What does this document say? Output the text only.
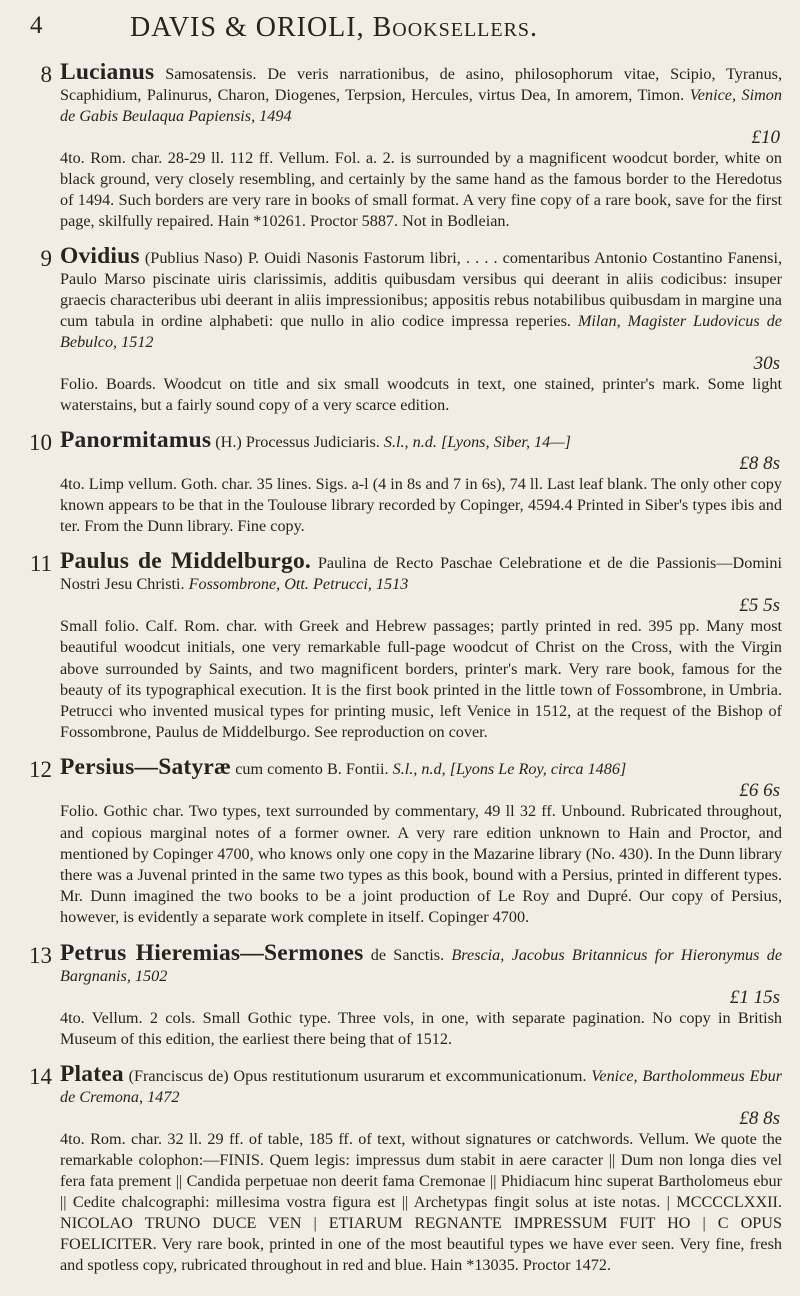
4	DAVIS & ORIOLI, Booksellers.
8 Lucianus Samosatensis. De veris narrationibus, de asino, philosophorum vitae, Scipio, Tyranus, Scaphidium, Palinurus, Charon, Diogenes, Terpsion, Hercules, virtus Dea, In amorem, Timon. Venice, Simon de Gabis Beulaqua Papiensis, 1494
£10
4to. Rom. char. 28-29 ll. 112 ff. Vellum. Fol. a. 2. is surrounded by a magnificent woodcut border, white on black ground, very closely resembling, and certainly by the same hand as the famous border to the Heredotus of 1494. Such borders are very rare in books of small format. A very fine copy of a rare book, save for the first page, skilfully repaired. Hain *10261. Proctor 5887. Not in Bodleian.
9 Ovidius (Publius Naso) P. Ouidi Nasonis Fastorum libri, . . . . comentaribus Antonio Costantino Fanensi, Paulo Marso piscinate uiris clarissimis, additis quibusdam versibus qui deerant in aliis codicibus: insuper graecis characteribus ubi deerant in aliis impressionibus; appositis rebus notabilibus quibusdam in margine una cum tabula in ordine alphabeti: que nullo in alio codice impressa reperies. Milan, Magister Ludovicus de Bebulco, 1512
30s
Folio. Boards. Woodcut on title and six small woodcuts in text, one stained, printer's mark. Some light waterstains, but a fairly sound copy of a very scarce edition.
10 Panormitamus (H.) Processus Judiciaris. S.l., n.d. [Lyons, Siber, 14—]
£8 8s
4to. Limp vellum. Goth. char. 35 lines. Sigs. a-l (4 in 8s and 7 in 6s), 74 ll. Last leaf blank. The only other copy known appears to be that in the Toulouse library recorded by Copinger, 4594.4 Printed in Siber's types ibis and ter. From the Dunn library. Fine copy.
11 Paulus de Middelburgo. Paulina de Recto Paschae Celebratione et de die Passionis—Domini Nostri Jesu Christi. Fossombrone, Ott. Petrucci, 1513
£5 5s
Small folio. Calf. Rom. char. with Greek and Hebrew passages; partly printed in red. 395 pp. Many most beautiful woodcut initials, one very remarkable full-page woodcut of Christ on the Cross, with the Virgin above surrounded by Saints, and two magnificent borders, printer's mark. Very rare book, famous for the beauty of its typographical execution. It is the first book printed in the little town of Fossombrone, in Umbria. Petrucci who invented musical types for printing music, left Venice in 1512, at the request of the Bishop of Fossombrone, Paulus de Middelburgo. See reproduction on cover.
12 Persius—Satyræ cum comento B. Fontii. S.l., n.d, [Lyons Le Roy, circa 1486]
£6 6s
Folio. Gothic char. Two types, text surrounded by commentary, 49 ll 32 ff. Unbound. Rubricated throughout, and copious marginal notes of a former owner. A very rare edition unknown to Hain and Proctor, and mentioned by Copinger 4700, who knows only one copy in the Mazarine library (No. 430). In the Dunn library there was a Juvenal printed in the same two types as this book, bound with a Persius, printed in different types. Mr. Dunn imagined the two books to be a joint production of Le Roy and Dupré. Our copy of Persius, however, is evidently a separate work complete in itself. Copinger 4700.
13 Petrus Hieremias—Sermones de Sanctis. Brescia, Jacobus Britannicus for Hieronymus de Bargnanis, 1502
£1 15s
4to. Vellum. 2 cols. Small Gothic type. Three vols, in one, with separate pagination. No copy in British Museum of this edition, the earliest there being that of 1512.
14 Platea (Franciscus de) Opus restitutionum usurarum et excommunicationum. Venice, Bartholommeus Ebur de Cremona, 1472
£8 8s
4to. Rom. char. 32 ll. 29 ff. of table, 185 ff. of text, without signatures or catchwords. Vellum. We quote the remarkable colophon:—FINIS. Quem legis: impressus dum stabit in aere caracter || Dum non longa dies vel fera fata prement || Candida perpetuae non deerit fama Cremonae || Phidiacum hinc superat Bartholomeus ebur || Cedite chalcographi: millesima vostra figura est || Archetypas fingit solus at iste notas. | MCCCCLXXII. NICOLAO TRUNO DUCE VEN | ETIARUM REGNANTE IMPRESSUM FUIT HO | C OPUS FOELICITER. Very rare book, printed in one of the most beautiful types we have ever seen. Very fine, fresh and spotless copy, rubricated throughout in red and blue. Hain *13035. Proctor 1472.
